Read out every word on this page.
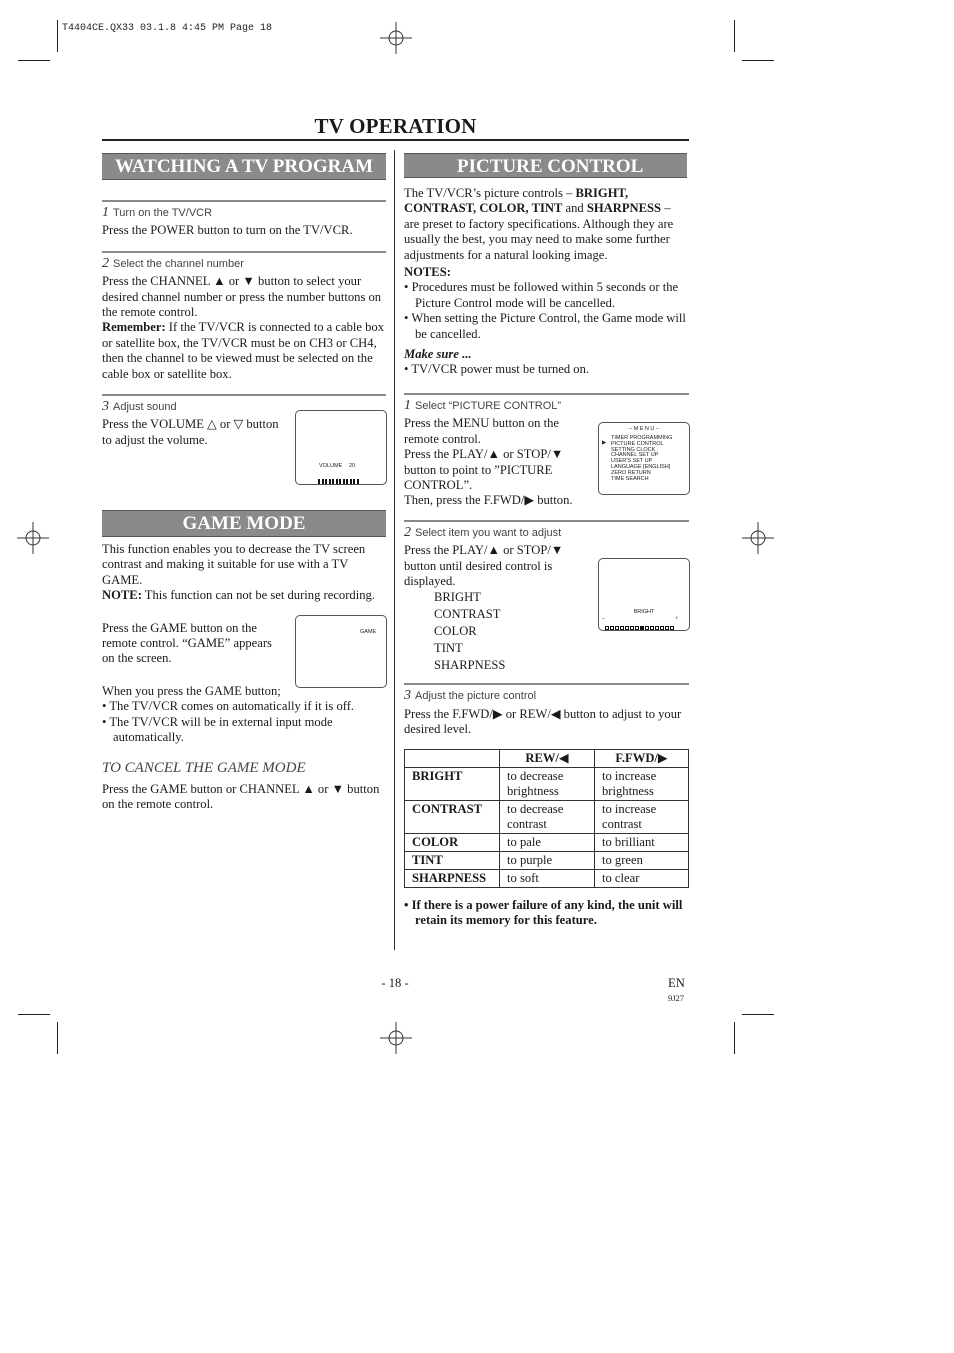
T4404CE.QX33 03.1.8 4:45 PM Page 18
TV OPERATION
WATCHING A TV PROGRAM
1 Turn on the TV/VCR

Press the POWER button to turn on the TV/VCR.

2 Select the channel number

Press the CHANNEL ▲ or ▼ button to select your desired channel number or press the number buttons on the remote control.

Remember: If the TV/VCR is connected to a cable box or satellite box, the TV/VCR must be on CH3 or CH4, then the channel to be viewed must be selected on the cable box or satellite box.

3 Adjust sound

Press the VOLUME △ or ▽ button to adjust the volume.

VOLUME 20
GAME MODE

This function enables you to decrease the TV screen contrast and making it suitable for use with a TV GAME.

NOTE: This function can not be set during recording.

Press the GAME button on the remote control. “GAME” appears on the screen.

When you press the GAME button;

• The TV/VCR comes on automatically if it is off.

• The TV/VCR will be in external input mode automatically.

TO CANCEL THE GAME MODE

Press the GAME button or CHANNEL ▲ or ▼ button on the remote control.

GAME
PICTURE CONTROL

The TV/VCR’s picture controls – BRIGHT, CONTRAST, COLOR, TINT and SHARPNESS – are preset to factory specifications. Although they are usually the best, you may need to make some further adjustments for a natural looking image.

NOTES:

• Procedures must be followed within 5 seconds or the Picture Control mode will be cancelled.

• When setting the Picture Control, the Game mode will be cancelled.

Make sure ...

• TV/VCR power must be turned on.

1 Select “PICTURE CONTROL”

Press the MENU button on the remote control.

Press the PLAY/▲ or STOP/▼ button to point to ”PICTURE CONTROL”.

Then, press the F.FWD/▶ button.

2 Select item you want to adjust

Press the PLAY/▲ or STOP/▼ button until desired control is displayed.

BRIGHT
CONTRAST
COLOR
TINT
SHARPNESS
3 Adjust the picture control

Press the F.FWD/▶ or REW/◀ button to adjust to your desired level.

	REW/◀	F.FWD/▶
BRIGHT	to decrease brightness	to increase brightness
CONTRAST	to decrease contrast	to increase contrast
COLOR	to pale	to brilliant
TINT	to purple	to green
SHARPNESS	to soft	to clear

• If there is a power failure of any kind, the unit will retain its memory for this feature.

– M E N U –
▶
TIMER PROGRAMMING
PICTURE CONTROL
SETTING CLOCK
CHANNEL SET UP
USER'S SET UP
LANGUAGE [ENGLISH]
ZERO RETURN
TIME SEARCH
BRIGHT
–	+
- 18 -	EN
9J27
